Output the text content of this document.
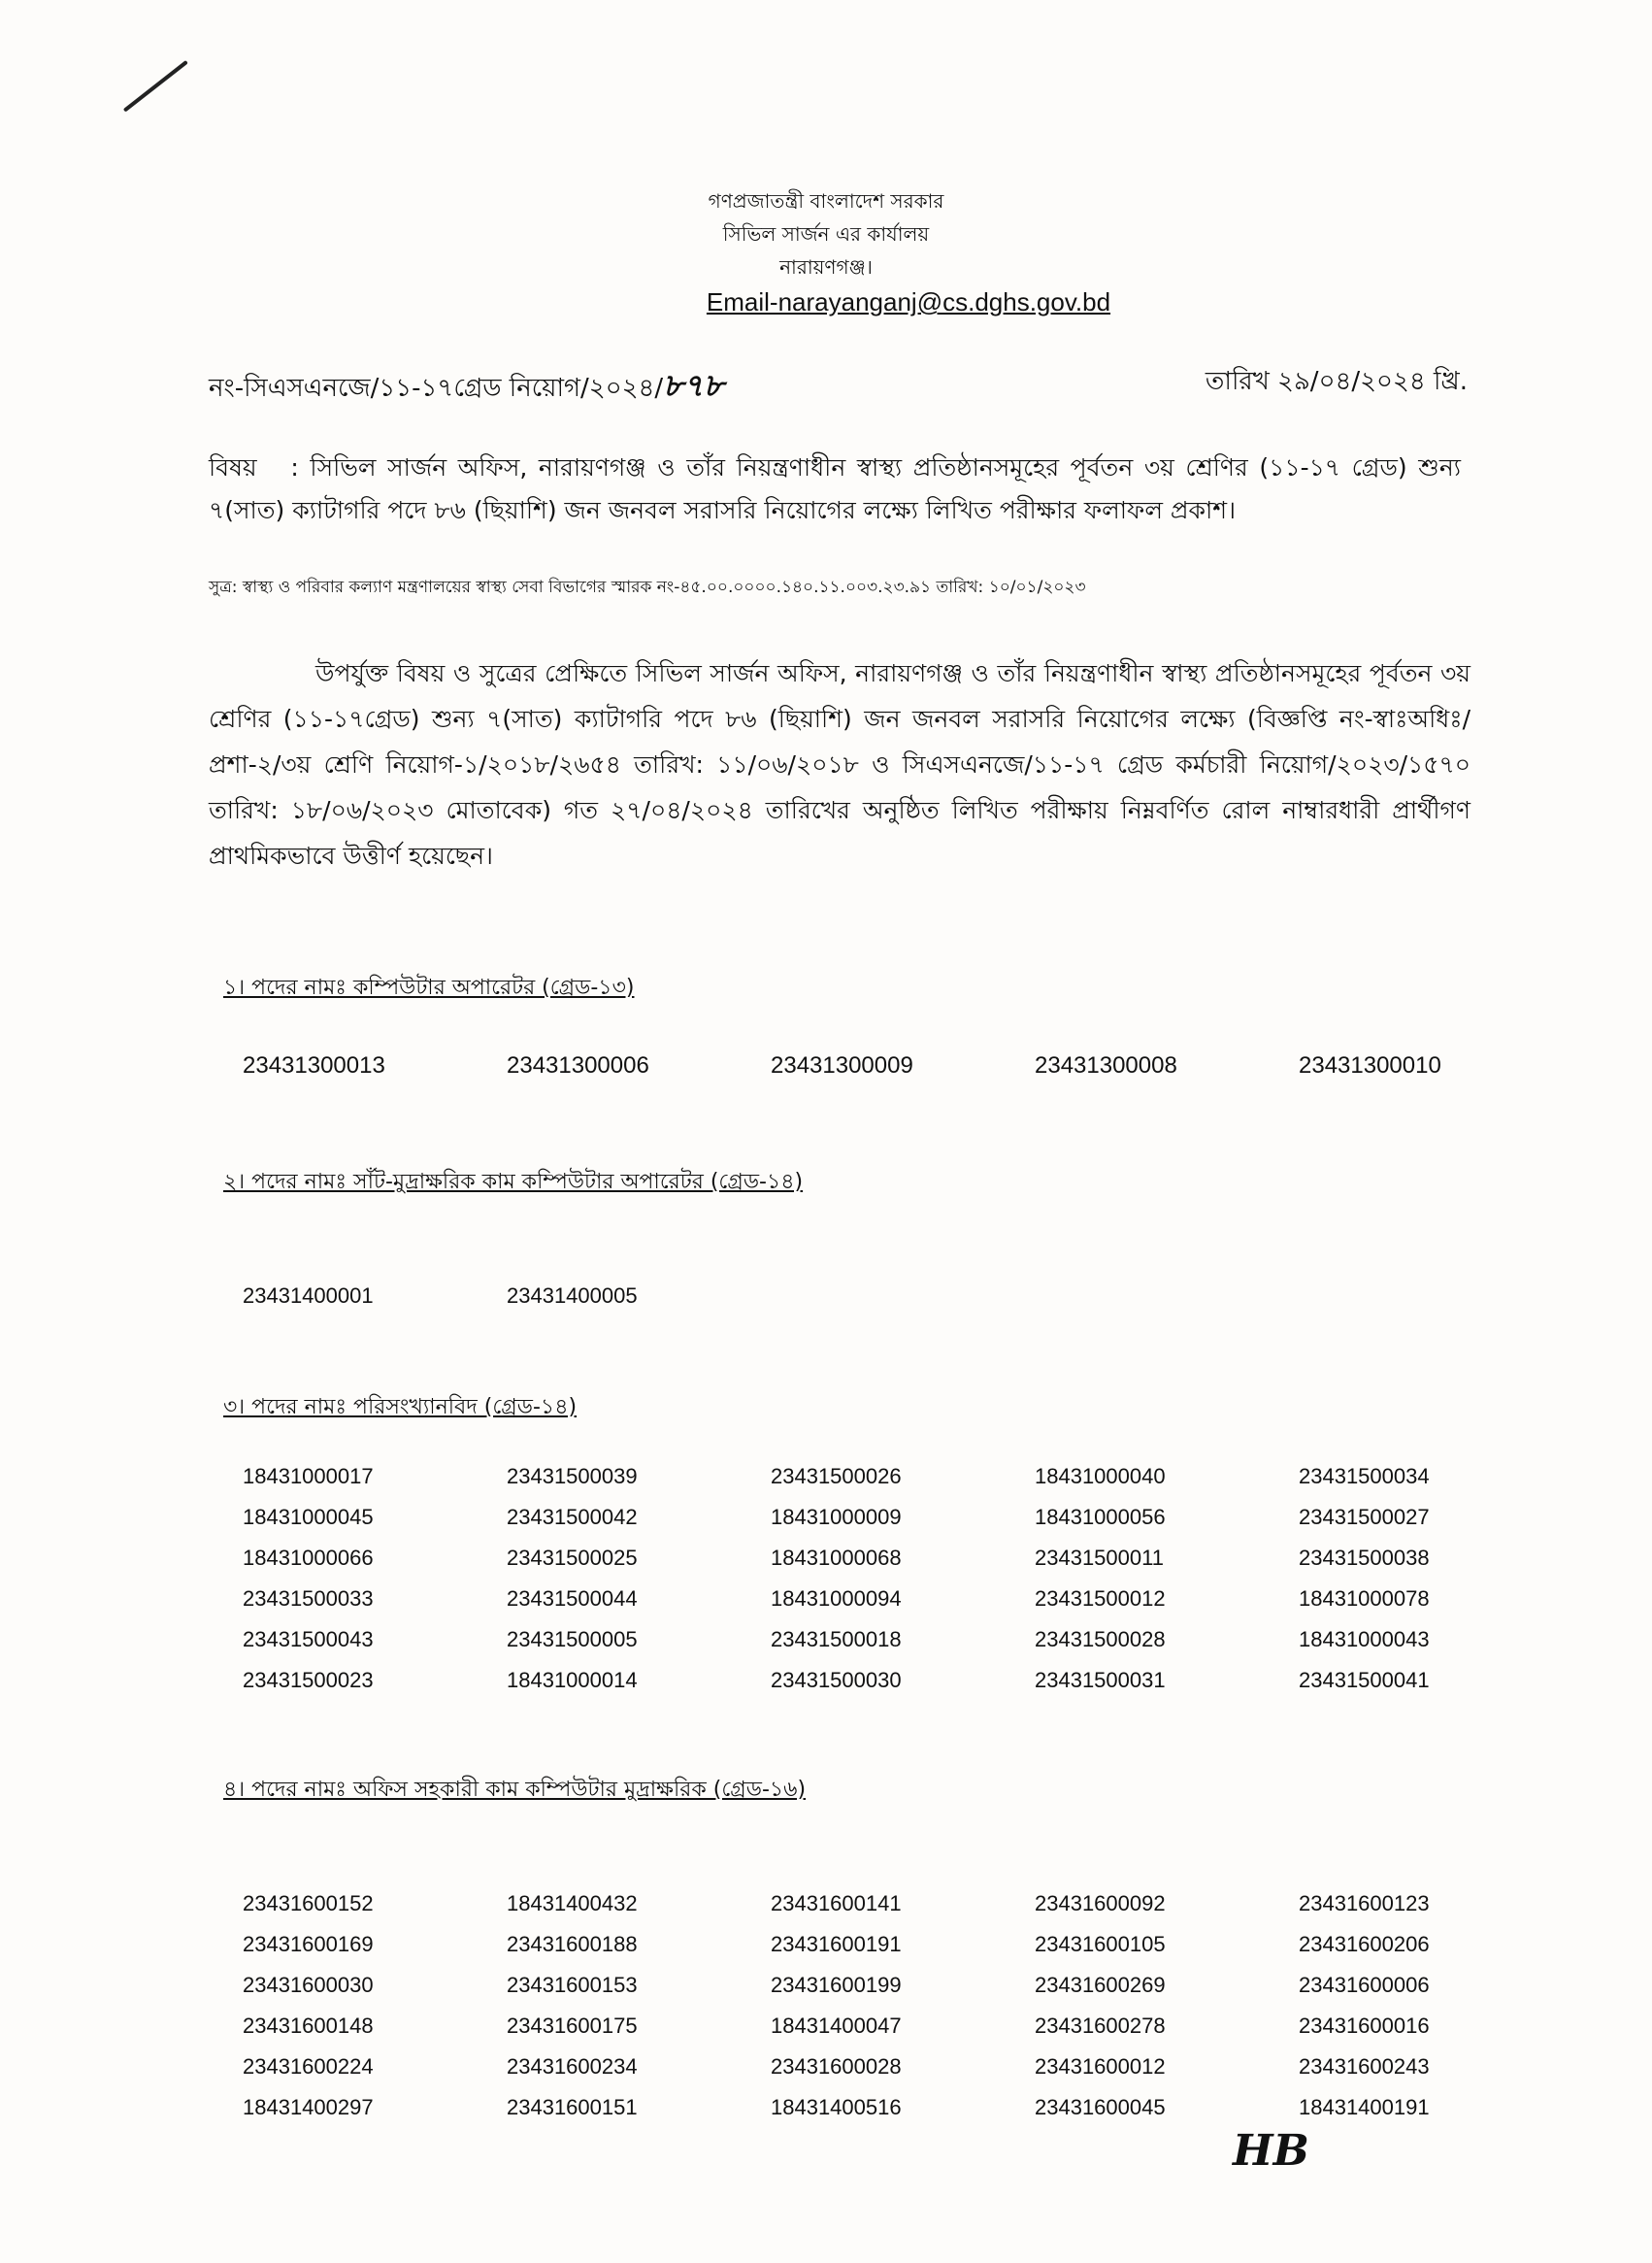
গণপ্রজাতন্ত্রী বাংলাদেশ সরকার
সিভিল সার্জন এর কার্যালয়
নারায়ণগঞ্জ।
Email-narayanganj@cs.dghs.gov.bd
নং-সিএসএনজে/১১-১৭গ্রেড নিয়োগ/২০২৪/৮৭৮	তারিখ ২৯/০৪/২০২৪ খ্রি.
বিষয় : সিভিল সার্জন অফিস, নারায়ণগঞ্জ ও তাঁর নিয়ন্ত্রণাধীন স্বাস্থ্য প্রতিষ্ঠানসমূহের পূর্বতন ৩য় শ্রেণির (১১-১৭ গ্রেড) শুন্য ৭(সাত) ক্যাটাগরি পদে ৮৬ (ছিয়াশি) জন জনবল সরাসরি নিয়োগের লক্ষ্যে লিখিত পরীক্ষার ফলাফল প্রকাশ।
সুত্র: স্বাস্থ্য ও পরিবার কল্যাণ মন্ত্রণালয়ের স্বাস্থ্য সেবা বিভাগের স্মারক নং-৪৫.০০.০০০০.১৪০.১১.০০৩.২৩.৯১ তারিখ: ১০/০১/২০২৩
উপর্যুক্ত বিষয় ও সুত্রের প্রেক্ষিতে সিভিল সার্জন অফিস, নারায়ণগঞ্জ ও তাঁর নিয়ন্ত্রণাধীন স্বাস্থ্য প্রতিষ্ঠানসমূহের পূর্বতন ৩য় শ্রেণির (১১-১৭গ্রেড) শুন্য ৭(সাত) ক্যাটাগরি পদে ৮৬ (ছিয়াশি) জন জনবল সরাসরি নিয়োগের লক্ষ্যে (বিজ্ঞপ্তি নং-স্বাঃঅধিঃ/প্রশা-২/৩য় শ্রেণি নিয়োগ-১/২০১৮/২৬৫৪ তারিখ: ১১/০৬/২০১৮ ও সিএসএনজে/১১-১৭ গ্রেড কর্মচারী নিয়োগ/২০২৩/১৫৭০ তারিখ: ১৮/০৬/২০২৩ মোতাবেক) গত ২৭/০৪/২০২৪ তারিখের অনুষ্ঠিত লিখিত পরীক্ষায় নিম্নবর্ণিত রোল নাম্বারধারী প্রার্থীগণ প্রাথমিকভাবে উত্তীর্ণ হয়েছেন।
১। পদের নামঃ কম্পিউটার অপারেটর (গ্রেড-১৩)
23431300013	23431300006	23431300009	23431300008	23431300010
২। পদের নামঃ সাঁট-মুদ্রাক্ষরিক কাম কম্পিউটার অপারেটর (গ্রেড-১৪)
23431400001	23431400005
৩। পদের নামঃ পরিসংখ্যানবিদ (গ্রেড-১৪)
18431000017	23431500039	23431500026	18431000040	23431500034
18431000045	23431500042	18431000009	18431000056	23431500027
18431000066	23431500025	18431000068	23431500011	23431500038
23431500033	23431500044	18431000094	23431500012	18431000078
23431500043	23431500005	23431500018	23431500028	18431000043
23431500023	18431000014	23431500030	23431500031	23431500041
৪। পদের নামঃ অফিস সহকারী কাম কম্পিউটার মুদ্রাক্ষরিক (গ্রেড-১৬)
23431600152	18431400432	23431600141	23431600092	23431600123
23431600169	23431600188	23431600191	23431600105	23431600206
23431600030	23431600153	23431600199	23431600269	23431600006
23431600148	23431600175	18431400047	23431600278	23431600016
23431600224	23431600234	23431600028	23431600012	23431600243
18431400297	23431600151	18431400516	23431600045	18431400191
HB
